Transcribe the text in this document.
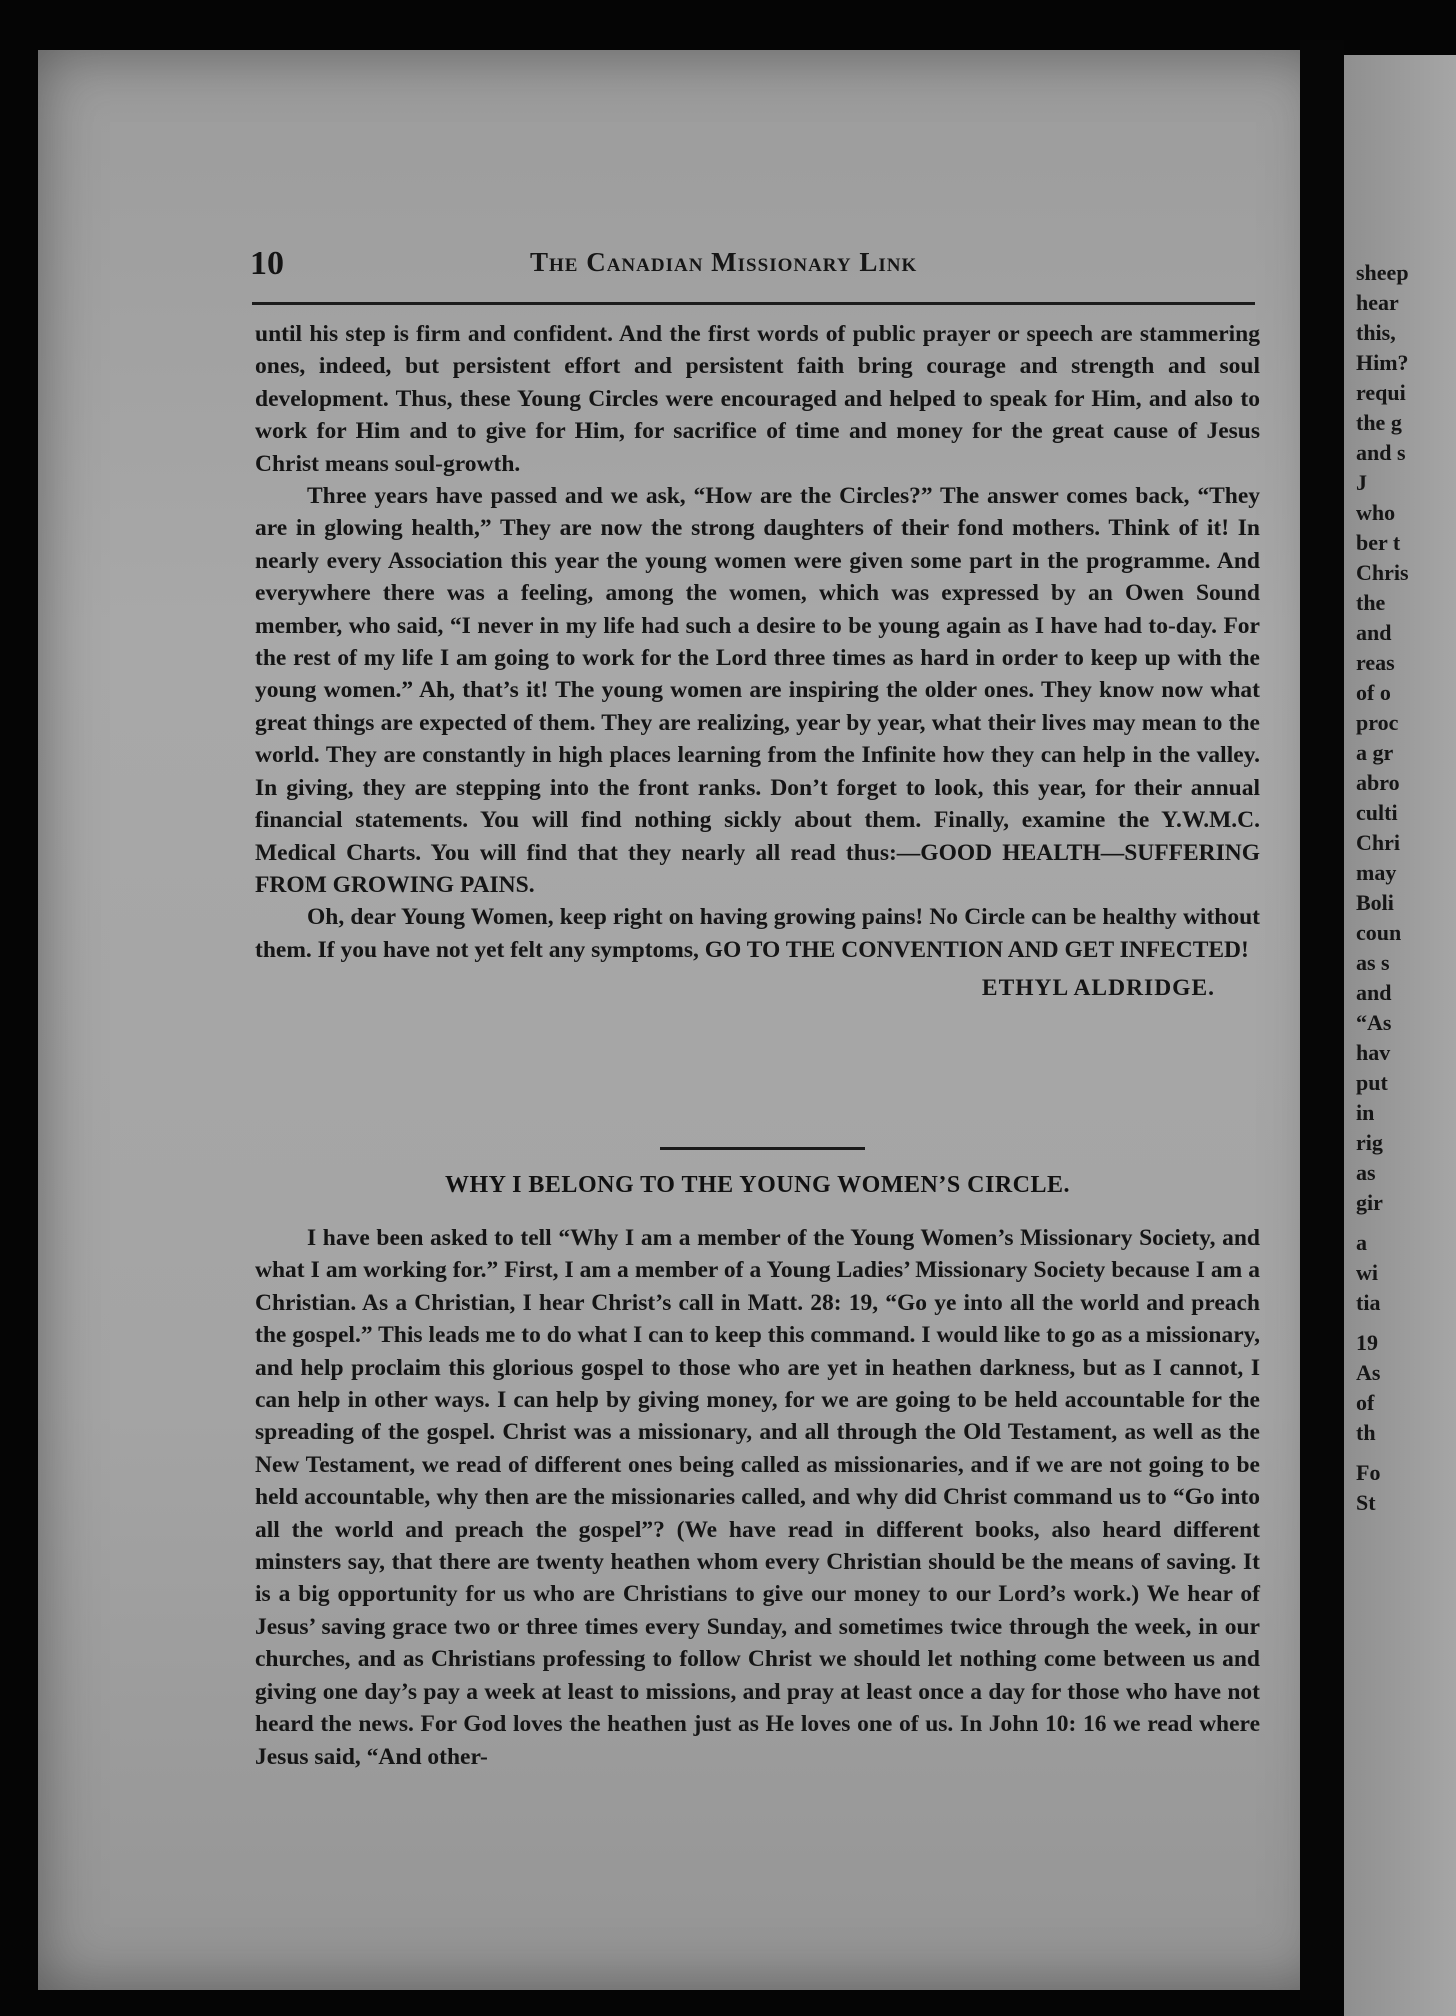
sheep
hear
this,
Him?
requi
the g
and s
J
who
ber t
Chris
the
and
reas
of o
proc
a gr
abro
culti
Chri
may
Boli
coun
as s
and
“As
hav
put
in
rig
as
gir
a
wi
tia
19
As
of
th
Fo
St
10	The Canadian Missionary Link

until his step is firm and confident. And the first words of public prayer or speech are stammering ones, indeed, but persistent effort and persistent faith bring courage and strength and soul development. Thus, these Young Circles were encouraged and helped to speak for Him, and also to work for Him and to give for Him, for sacrifice of time and money for the great cause of Jesus Christ means soul-growth.

Three years have passed and we ask, “How are the Circles?” The answer comes back, “They are in glowing health,” They are now the strong daughters of their fond mothers. Think of it! In nearly every Association this year the young women were given some part in the programme. And everywhere there was a feeling, among the women, which was expressed by an Owen Sound member, who said, “I never in my life had such a desire to be young again as I have had to-day. For the rest of my life I am going to work for the Lord three times as hard in order to keep up with the young women.” Ah, that’s it! The young women are inspiring the older ones. They know now what great things are expected of them. They are realizing, year by year, what their lives may mean to the world. They are constantly in high places learning from the Infinite how they can help in the valley. In giving, they are stepping into the front ranks. Don’t forget to look, this year, for their annual financial statements. You will find nothing sickly about them. Finally, examine the Y.W.M.C. Medical Charts. You will find that they nearly all read thus:—GOOD HEALTH—SUFFERING FROM GROWING PAINS.

Oh, dear Young Women, keep right on having growing pains! No Circle can be healthy without them. If you have not yet felt any symptoms, GO TO THE CONVENTION AND GET INFECTED!

ETHYL ALDRIDGE.

WHY I BELONG TO THE YOUNG WOMEN’S CIRCLE.

I have been asked to tell “Why I am a member of the Young Women’s Missionary Society, and what I am working for.” First, I am a member of a Young Ladies’ Missionary Society because I am a Christian. As a Christian, I hear Christ’s call in Matt. 28: 19, “Go ye into all the world and preach the gospel.” This leads me to do what I can to keep this command. I would like to go as a missionary, and help proclaim this glorious gospel to those who are yet in heathen darkness, but as I cannot, I can help in other ways. I can help by giving money, for we are going to be held accountable for the spreading of the gospel. Christ was a missionary, and all through the Old Testament, as well as the New Testament, we read of different ones being called as missionaries, and if we are not going to be held accountable, why then are the missionaries called, and why did Christ command us to “Go into all the world and preach the gospel”? (We have read in different books, also heard different minsters say, that there are twenty heathen whom every Christian should be the means of saving. It is a big opportunity for us who are Christians to give our money to our Lord’s work.) We hear of Jesus’ saving grace two or three times every Sunday, and sometimes twice through the week, in our churches, and as Christians professing to follow Christ we should let nothing come between us and giving one day’s pay a week at least to missions, and pray at least once a day for those who have not heard the news. For God loves the heathen just as He loves one of us. In John 10: 16 we read where Jesus said, “And other-
